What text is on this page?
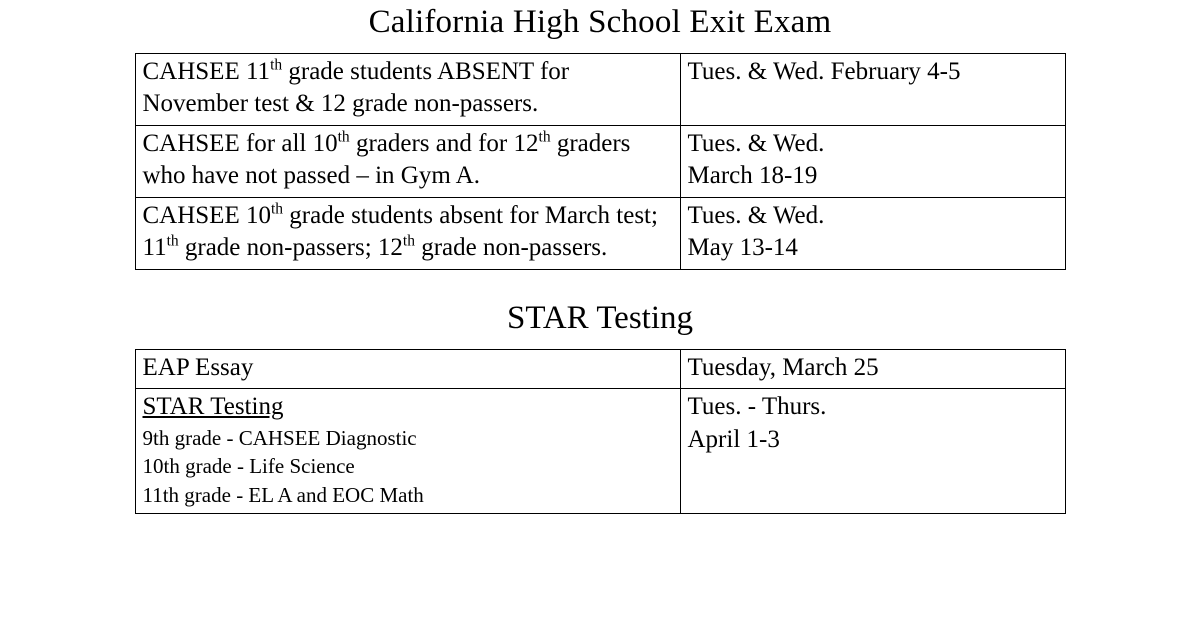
California High School Exit Exam
CAHSEE 11th grade students ABSENT for November test & 12 grade non-passers.	Tues. & Wed. February 4-5

CAHSEE for all 10th graders and for 12th graders who have not passed – in Gym A.	Tues. & Wed.
March 18-19

CAHSEE 10th grade students absent for March test; 11th grade non-passers; 12th grade non-passers.	Tues. & Wed.
May 13-14
STAR Testing
EAP Essay	Tuesday, March 25

STAR Testing
9th grade - CAHSEE Diagnostic
10th grade - Life Science
11th grade - EL A and EOC Math	Tues. - Thurs.
April 1-3
